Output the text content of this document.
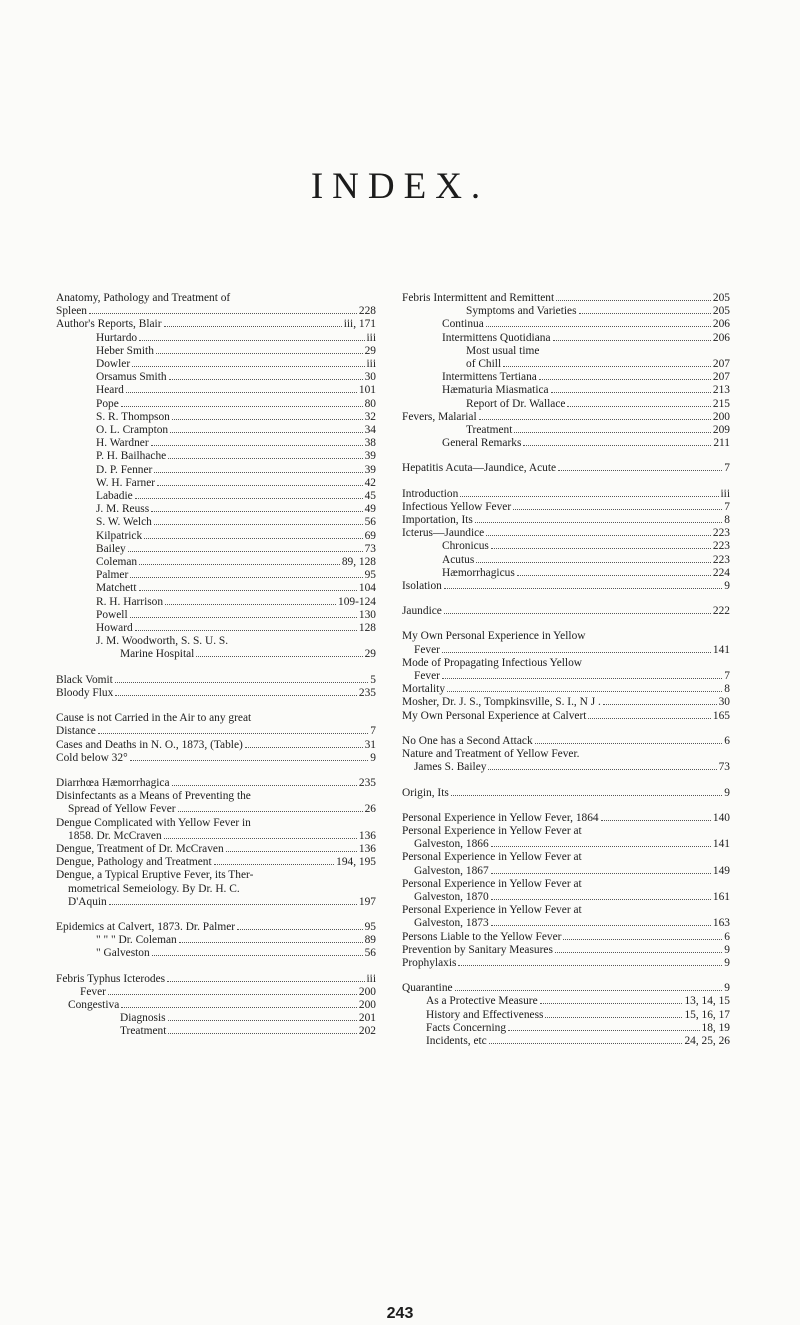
INDEX.
Anatomy, Pathology and Treatment of
Spleen	228
Author's Reports, Blair	iii, 171
Hurtardo	iii
Heber Smith	29
Dowler	iii
Orsamus Smith	30
Heard	101
Pope	80
S. R. Thompson	32
O. L. Crampton	34
H. Wardner	38
P. H. Bailhache	39
D. P. Fenner	39
W. H. Farner	42
Labadie	45
J. M. Reuss	49
S. W. Welch	56
Kilpatrick	69
Bailey	73
Coleman	89, 128
Palmer	95
Matchett	104
R. H. Harrison	109-124
Powell	130
Howard	128
J. M. Woodworth, S. S. U. S.
Marine Hospital	29
Black Vomit	5
Bloody Flux	235
Cause is not Carried in the Air to any great
Distance	7
Cases and Deaths in N. O., 1873, (Table)	31
Cold below 32°	9
Diarrhœa Hæmorrhagica	235
Disinfectants as a Means of Preventing the
Spread of Yellow Fever	26
Dengue Complicated with Yellow Fever in
1858. Dr. McCraven	136
Dengue, Treatment of Dr. McCraven	136
Dengue, Pathology and Treatment	194, 195
Dengue, a Typical Eruptive Fever, its Ther-
mometrical Semeiology. By Dr. H. C.
D'Aquin	197
Epidemics at Calvert, 1873. Dr. Palmer	95
" " " Dr. Coleman	89
" Galveston	56
Febris Typhus Icterodes	iii
Fever	200
Congestiva	200
Diagnosis	201
Treatment	202
Febris Intermittent and Remittent	205
Symptoms and Varieties	205
Continua	206
Intermittens Quotidiana	206
Most usual time
of Chill	207
Intermittens Tertiana	207
Hæmaturia Miasmatica	213
Report of Dr. Wallace	215
Fevers, Malarial	200
Treatment	209
General Remarks	211
Hepatitis Acuta—Jaundice, Acute	7
Introduction	iii
Infectious Yellow Fever	7
Importation, Its	8
Icterus—Jaundice	223
Chronicus	223
Acutus	223
Hæmorrhagicus	224
Isolation	9
Jaundice	222
My Own Personal Experience in Yellow
Fever	141
Mode of Propagating Infectious Yellow
Fever	7
Mortality	8
Mosher, Dr. J. S., Tompkinsville, S. I., N J .	30
My Own Personal Experience at Calvert	165
No One has a Second Attack	6
Nature and Treatment of Yellow Fever.
James S. Bailey	73
Origin, Its	9
Personal Experience in Yellow Fever, 1864	140
Personal Experience in Yellow Fever at
Galveston, 1866	141
Personal Experience in Yellow Fever at
Galveston, 1867	149
Personal Experience in Yellow Fever at
Galveston, 1870	161
Personal Experience in Yellow Fever at
Galveston, 1873	163
Persons Liable to the Yellow Fever	6
Prevention by Sanitary Measures	9
Prophylaxis	9
Quarantine	9
As a Protective Measure	13, 14, 15
History and Effectiveness	15, 16, 17
Facts Concerning	18, 19
Incidents, etc	24, 25, 26
243
